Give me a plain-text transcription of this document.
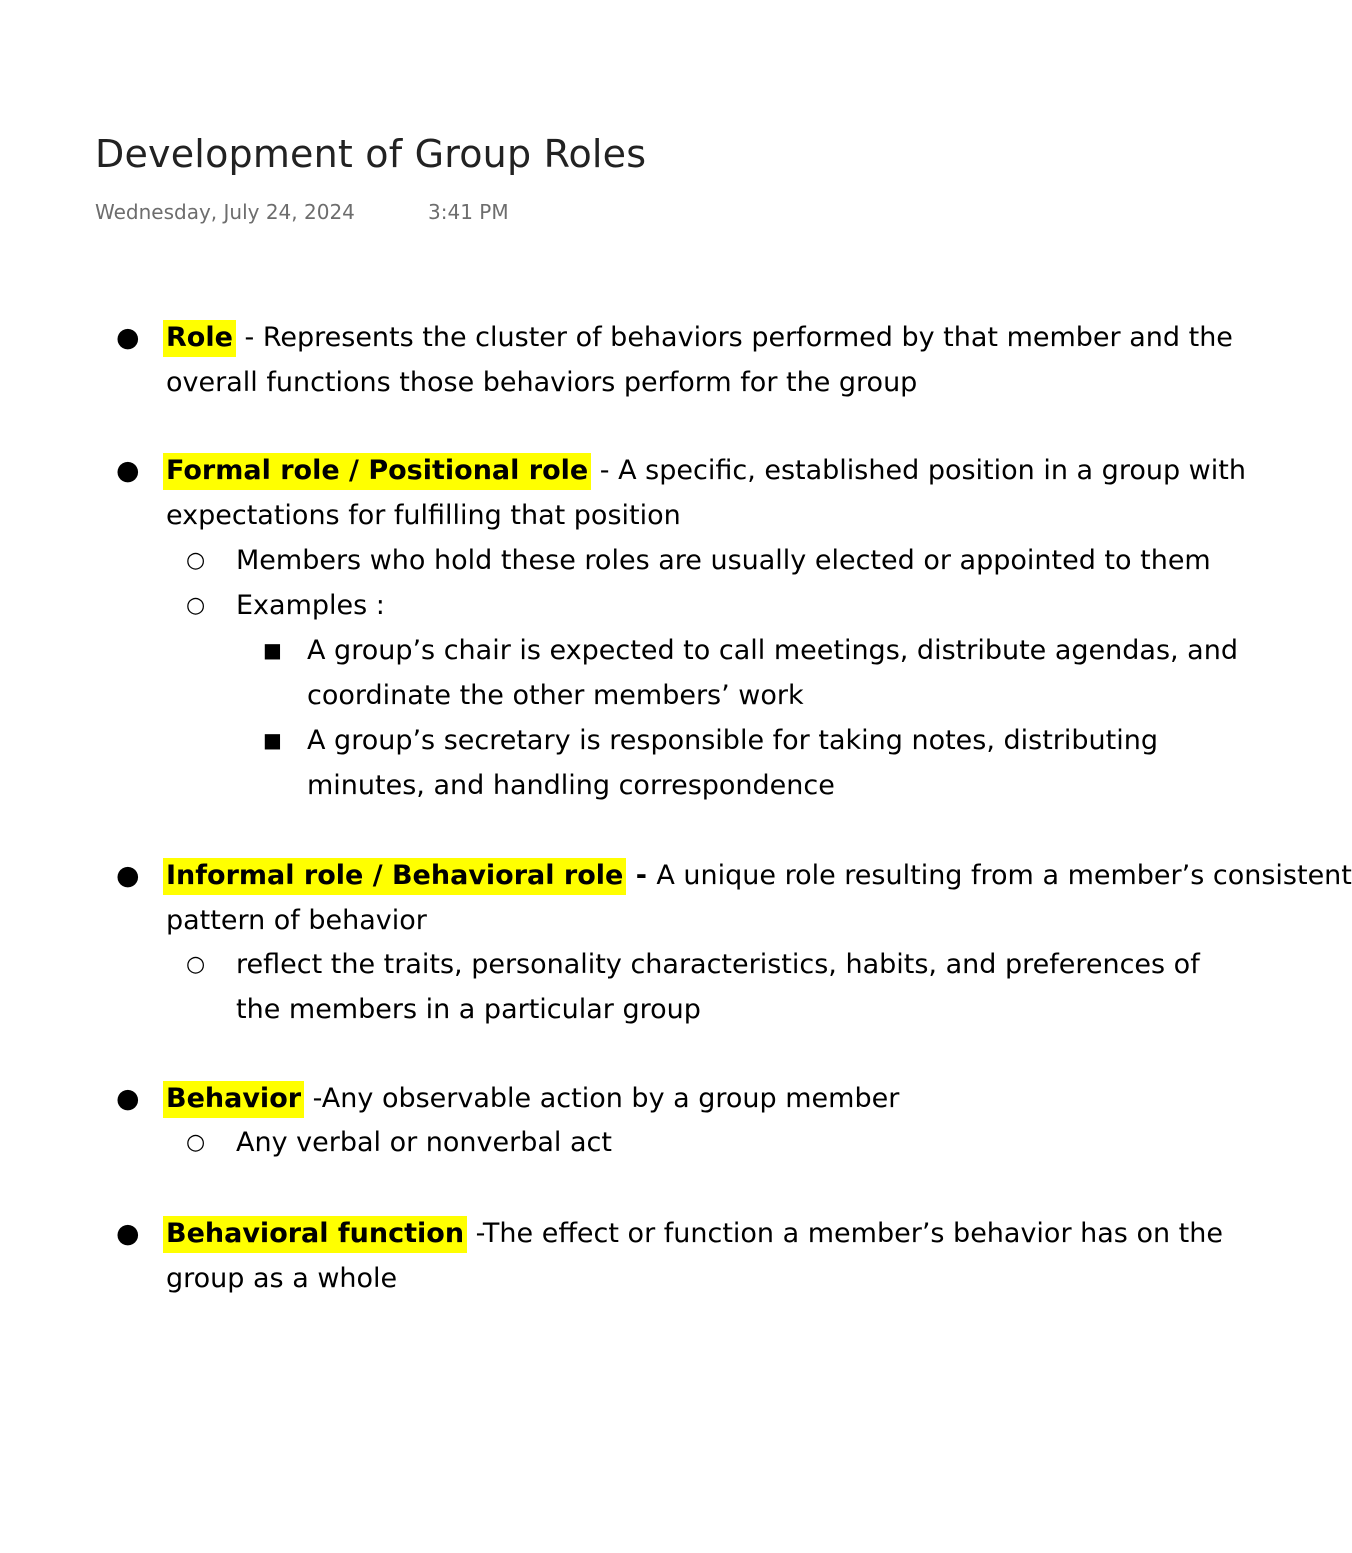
Development of Group Roles
Wednesday, July 24, 2024	3:41 PM
● Role - Represents the cluster of behaviors performed by that member and the
overall functions those behaviors perform for the group
● Formal role / Positional role - A specific, established position in a group with
expectations for fulfilling that position
○ Members who hold these roles are usually elected or appointed to them
○ Examples :
■ A group’s chair is expected to call meetings, distribute agendas, and
coordinate the other members’ work
■ A group’s secretary is responsible for taking notes, distributing
minutes, and handling correspondence
● Informal role / Behavioral role - A unique role resulting from a member’s consistent
pattern of behavior
○ reflect the traits, personality characteristics, habits, and preferences of
the members in a particular group
● Behavior -Any observable action by a group member
○ Any verbal or nonverbal act
● Behavioral function -The effect or function a member’s behavior has on the
group as a whole
